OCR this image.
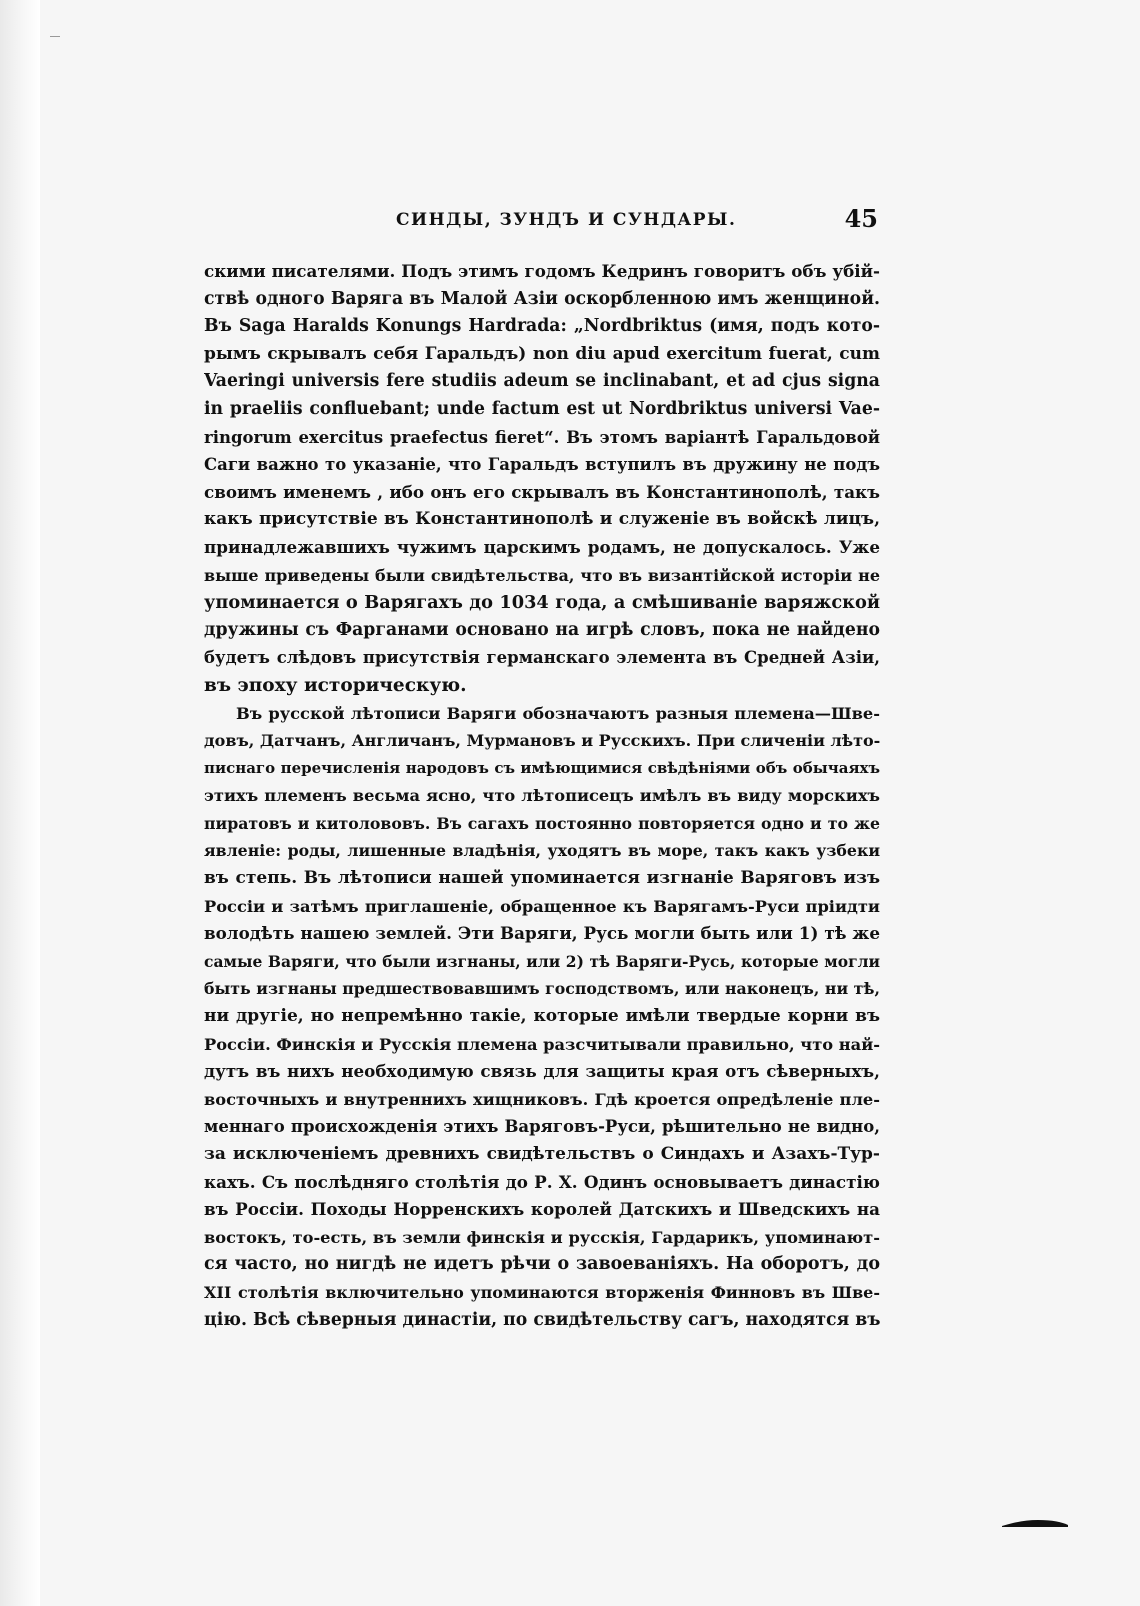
СИНДЫ, ЗУНДЪ И СУНДАРЫ.	45
скими писателями. Подъ этимъ годомъ Кедринъ говоритъ объ убій-
ствѣ одного Варяга въ Малой Азіи оскорбленною имъ женщиной.
Въ Saga Haralds Konungs Hardrada: „Nordbriktus (имя, подъ кото-
рымъ скрывалъ себя Гаральдъ) non diu apud exercitum fuerat, cum
Vaeringi universis fere studiis adeum se inclinabant, et ad cjus signa
in praeliis confluebant; unde factum est ut Nordbriktus universi Vae-
ringorum exercitus praefectus fieret“. Въ этомъ варіантѣ Гаральдовой
Саги важно то указаніе, что Гаральдъ вступилъ въ дружину не подъ
своимъ именемъ , ибо онъ его скрывалъ въ Константинополѣ, такъ
какъ присутствіе въ Константинополѣ и служеніе въ войскѣ лицъ,
принадлежавшихъ чужимъ царскимъ родамъ, не допускалось. Уже
выше приведены были свидѣтельства, что въ византійской исторіи не
упоминается о Варягахъ до 1034 года, а смѣшиваніе варяжской
дружины съ Фарганами основано на игрѣ словъ, пока не найдено
будетъ слѣдовъ присутствія германскаго элемента въ Средней Азіи,
въ эпоху историческую.
Въ русской лѣтописи Варяги обозначаютъ разныя племена—Шве-
довъ, Датчанъ, Англичанъ, Мурмановъ и Русскихъ. При сличеніи лѣто-
писнаго перечисленія народовъ съ имѣющимися свѣдѣніями объ обычаяхъ
этихъ племенъ весьма ясно, что лѣтописецъ имѣлъ въ виду морскихъ
пиратовъ и китолововъ. Въ сагахъ постоянно повторяется одно и то же
явленіе: роды, лишенные владѣнія, уходятъ въ море, такъ какъ узбеки
въ степь. Въ лѣтописи нашей упоминается изгнаніе Варяговъ изъ
Россіи и затѣмъ приглашеніе, обращенное къ Варягамъ-Руси пріидти
володѣть нашею землей. Эти Варяги, Русь могли быть или 1) тѣ же
самые Варяги, что были изгнаны, или 2) тѣ Варяги-Русь, которые могли
быть изгнаны предшествовавшимъ господствомъ, или наконецъ, ни тѣ,
ни другіе, но непремѣнно такіе, которые имѣли твердые корни въ
Россіи. Финскія и Русскія племена разсчитывали правильно, что най-
дутъ въ нихъ необходимую связь для защиты края отъ сѣверныхъ,
восточныхъ и внутреннихъ хищниковъ. Гдѣ кроется опредѣленіе пле-
меннаго происхожденія этихъ Варяговъ-Руси, рѣшительно не видно,
за исключеніемъ древнихъ свидѣтельствъ о Синдахъ и Азахъ-Тур-
кахъ. Съ послѣдняго столѣтія до Р. Х. Одинъ основываетъ династію
въ Россіи. Походы Норренскихъ королей Датскихъ и Шведскихъ на
востокъ, то-есть, въ земли финскія и русскія, Гардарикъ, упоминают-
ся часто, но нигдѣ не идетъ рѣчи о завоеваніяхъ. На оборотъ, до
XII столѣтія включительно упоминаются вторженія Финновъ въ Шве-
цію. Всѣ сѣверныя династіи, по свидѣтельству сагъ, находятся въ
